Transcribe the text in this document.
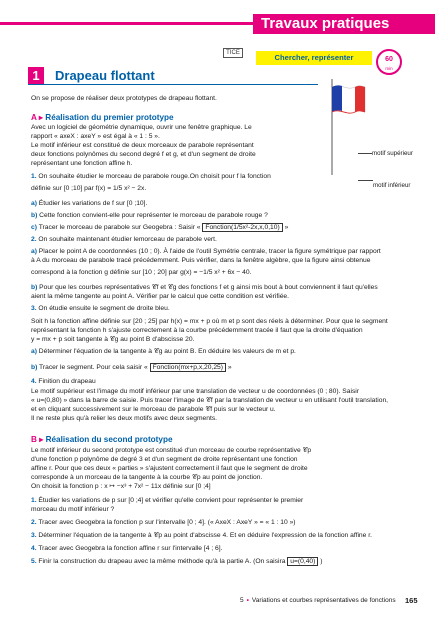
Travaux pratiques
TICE	Chercher, représenter	60
min
1	Drapeau flottant
motif supérieur
motif inférieur
On se propose de réaliser deux prototypes de drapeau flottant.
A ▸ Réalisation du premier prototype
Avec un logiciel de géométrie dynamique, ouvrir une fenêtre graphique. Le
rapport « axeX : axeY » est égal à « 1 : 5 ».
Le motif inférieur est constitué de deux morceaux de parabole représentant
deux fonctions polynômes du second degré f et g, et d'un segment de droite
représentant une fonction affine h.
1. On souhaite étudier le morceau de parabole rouge.On choisit pour f la fonction
définie sur [0 ;10] par f(x) = 1/5 x² − 2x.
a) Étudier les variations de f sur [0 ;10].
b) Cette fonction convient-elle pour représenter le morceau de parabole rouge ?
c) Tracer le morceau de parabole sur Geogebra : Saisir « Fonction(1/5x²-2x,x,0,10) »
2. On souhaite maintenant étudier lemorceau de parabole vert.
a) Placer le point A de coordonnées (10 ; 0). À l'aide de l'outil Symétrie centrale, tracer la figure symétrique par rapport
à A du morceau de parabole tracé précédemment. Puis vérifier, dans la fenêtre algèbre, que la figure ainsi obtenue
correspond à la fonction g définie sur [10 ; 20] par g(x) = −1/5 x² + 6x − 40.
b) Pour que les courbes représentatives 𝒞f et 𝒞g des fonctions f et g ainsi mis bout à bout conviennent il faut qu'elles
aient la même tangente au point A. Vérifier par le calcul que cette condition est vérifiée.
3. On étudie ensuite le segment de droite bleu.
Soit h la fonction affine définie sur [20 ; 25] par h(x) = mx + p où m et p sont des réels à déterminer. Pour que le segment
représentant la fonction h s'ajuste correctement à la courbe précédemment tracée il faut que la droite d'équation
y = mx + p soit tangente à 𝒞g au point B d'abscisse 20.
a) Déterminer l'équation de la tangente à 𝒞g au point B. En déduire les valeurs de m et p.
b) Tracer le segment. Pour cela saisir « Fonction(mx+p,x,20,25) »
4. Finition du drapeau
Le motif supérieur est l'image du motif inférieur par une translation de vecteur u de coordonnées (0 ; 80). Saisir
« u=(0,80) » dans la barre de saisie. Puis tracer l'image de 𝒞f par la translation de vecteur u en utilisant l'outil translation,
et en cliquant successivement sur le morceau de parabole 𝒞f puis sur le vecteur u.
Il ne reste plus qu'à relier les deux motifs avec deux segments.
B ▸ Réalisation du second prototype
Le motif inférieur du second prototype est constitué d'un morceau de courbe représentative 𝒞p
d'une fonction p polynôme de degré 3 et d'un segment de droite représentant une fonction
affine r. Pour que ces deux « parties » s'ajustent correctement il faut que le segment de droite
corresponde à un morceau de la tangente à la courbe 𝒞p au point de jonction.
On choisit la fonction p : x ↦ −x³ + 7x² − 11x définie sur [0 ;4]
1. Étudier les variations de p sur [0 ;4] et vérifier qu'elle convient pour représenter le premier
morceau du motif inférieur ?
2. Tracer avec Geogebra la fonction p sur l'intervalle [0 ; 4]. (« AxeX : AxeY » = « 1 : 10 »)
3. Déterminer l'équation de la tangente à 𝒞p au point d'abscisse 4. Et en déduire l'expression de la fonction affine r.
4. Tracer avec Geogebra la fonction affine r sur l'intervalle [4 ; 6].
5. Finir la construction du drapeau avec la même méthode qu'à la partie A. (On saisira u=(0,40) )
5 • Variations et courbes représentatives de fonctions 165
